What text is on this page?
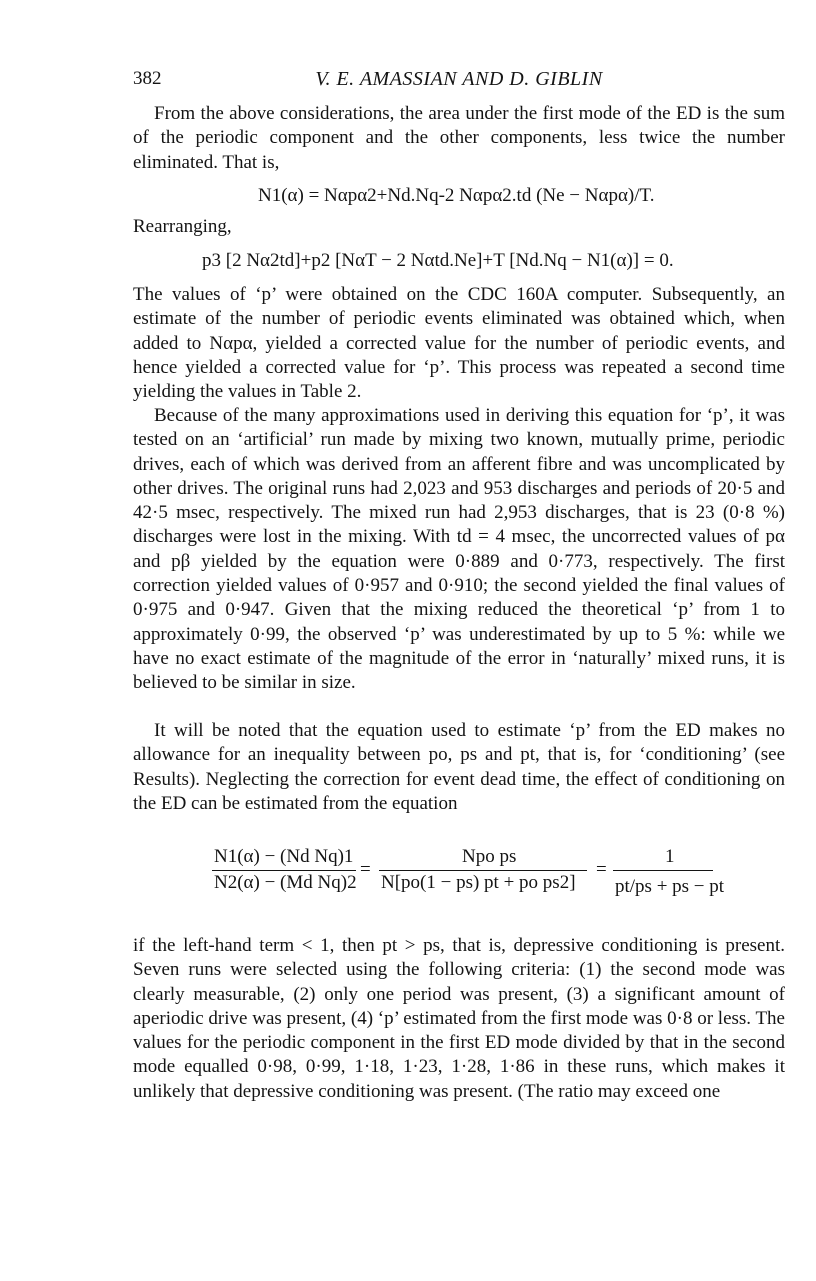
382	V. E. AMASSIAN AND D. GIBLIN

From the above considerations, the area under the first mode of the ED is the sum of the periodic component and the other components, less twice the number eliminated. That is,

N1(α) = Nαpα2+Nd.Nq-2 Nαpα2.td (Ne − Nαpα)/T.

Rearranging,

p3 [2 Nα2td]+p2 [NαT − 2 Nαtd.Ne]+T [Nd.Nq − N1(α)] = 0.

The values of ‘p’ were obtained on the CDC 160A computer. Subsequently, an estimate of the number of periodic events eliminated was obtained which, when added to Nαpα, yielded a corrected value for the number of periodic events, and hence yielded a corrected value for ‘p’. This process was repeated a second time yielding the values in Table 2.

Because of the many approximations used in deriving this equation for ‘p’, it was tested on an ‘artificial’ run made by mixing two known, mutually prime, periodic drives, each of which was derived from an afferent fibre and was uncomplicated by other drives. The original runs had 2,023 and 953 discharges and periods of 20·5 and 42·5 msec, respectively. The mixed run had 2,953 discharges, that is 23 (0·8 %) discharges were lost in the mixing. With td = 4 msec, the uncorrected values of pα and pβ yielded by the equation were 0·889 and 0·773, respectively. The first correction yielded values of 0·957 and 0·910; the second yielded the final values of 0·975 and 0·947. Given that the mixing reduced the theoretical ‘p’ from 1 to approximately 0·99, the observed ‘p’ was underestimated by up to 5 %: while we have no exact estimate of the magnitude of the error in ‘naturally’ mixed runs, it is believed to be similar in size.

It will be noted that the equation used to estimate ‘p’ from the ED makes no allowance for an inequality between po, ps and pt, that is, for ‘conditioning’ (see Results). Neglecting the correction for event dead time, the effect of conditioning on the ED can be estimated from the equation

N1(α) − (Nd Nq)1
N2(α) − (Md Nq)2
=
Npo ps
N[po(1 − ps) pt + po ps2]
=
1
pt/ps + ps − pt

if the left-hand term < 1, then pt > ps, that is, depressive conditioning is present. Seven runs were selected using the following criteria: (1) the second mode was clearly measurable, (2) only one period was present, (3) a significant amount of aperiodic drive was present, (4) ‘p’ estimated from the first mode was 0·8 or less. The values for the periodic component in the first ED mode divided by that in the second mode equalled 0·98, 0·99, 1·18, 1·23, 1·28, 1·86 in these runs, which makes it unlikely that depressive conditioning was present. (The ratio may exceed one
